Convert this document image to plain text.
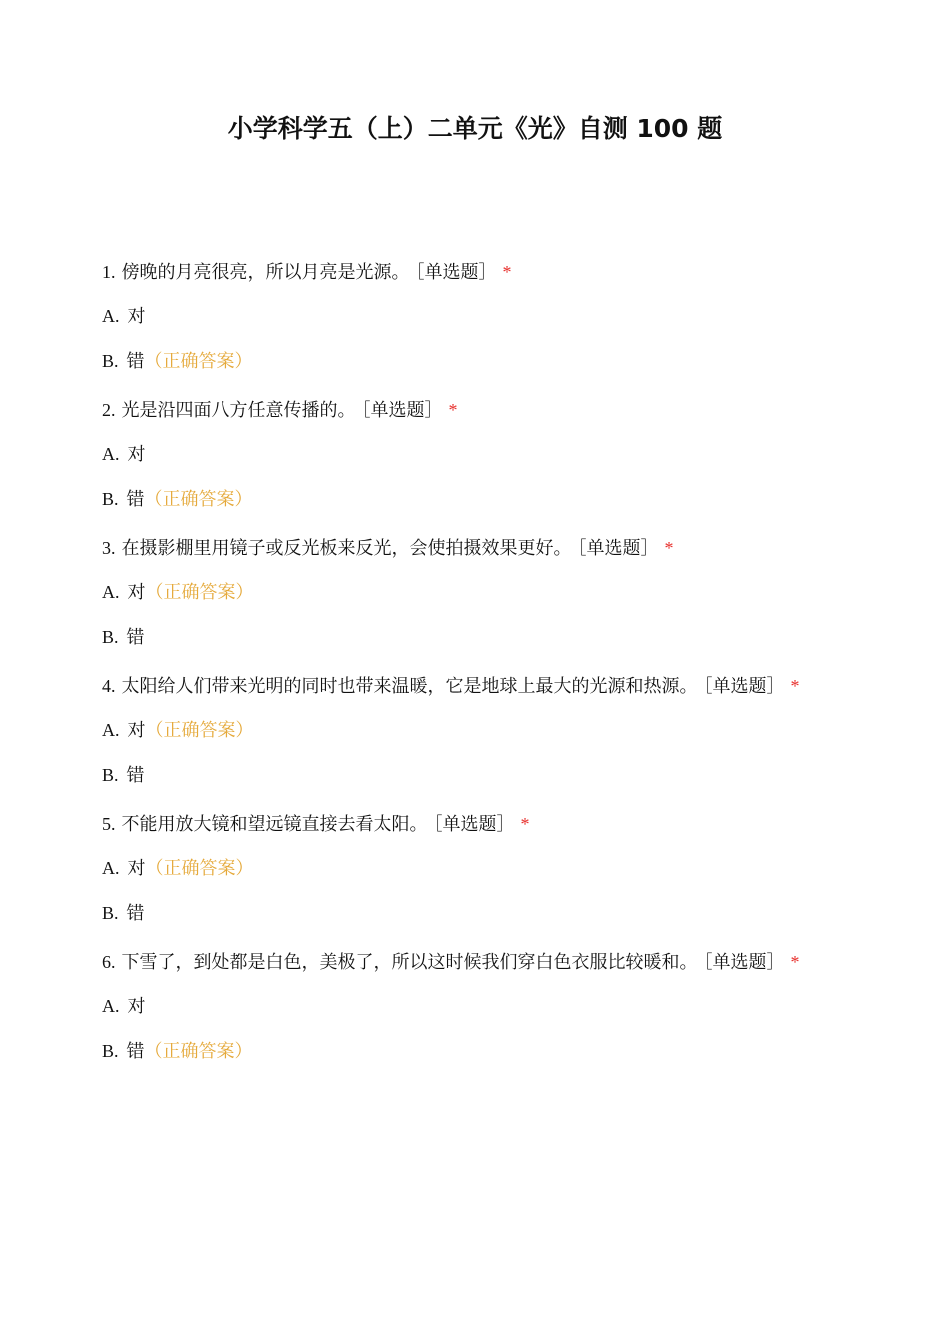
小学科学五（上）二单元《光》自测 100 题

1. 傍晚的月亮很亮，所以月亮是光源。 ［单选题］ *

A. 对

B. 错（正确答案）

2. 光是沿四面八方任意传播的。 ［单选题］ *

A. 对

B. 错（正确答案）

3. 在摄影棚里用镜子或反光板来反光，会使拍摄效果更好。 ［单选题］ *

A. 对（正确答案）

B. 错

4. 太阳给人们带来光明的同时也带来温暖，它是地球上最大的光源和热源。 ［单选题］ *

A. 对（正确答案）

B. 错

5. 不能用放大镜和望远镜直接去看太阳。 ［单选题］ *

A. 对（正确答案）

B. 错

6. 下雪了，到处都是白色，美极了，所以这时候我们穿白色衣服比较暖和。 ［单选题］ *

A. 对

B. 错（正确答案）
